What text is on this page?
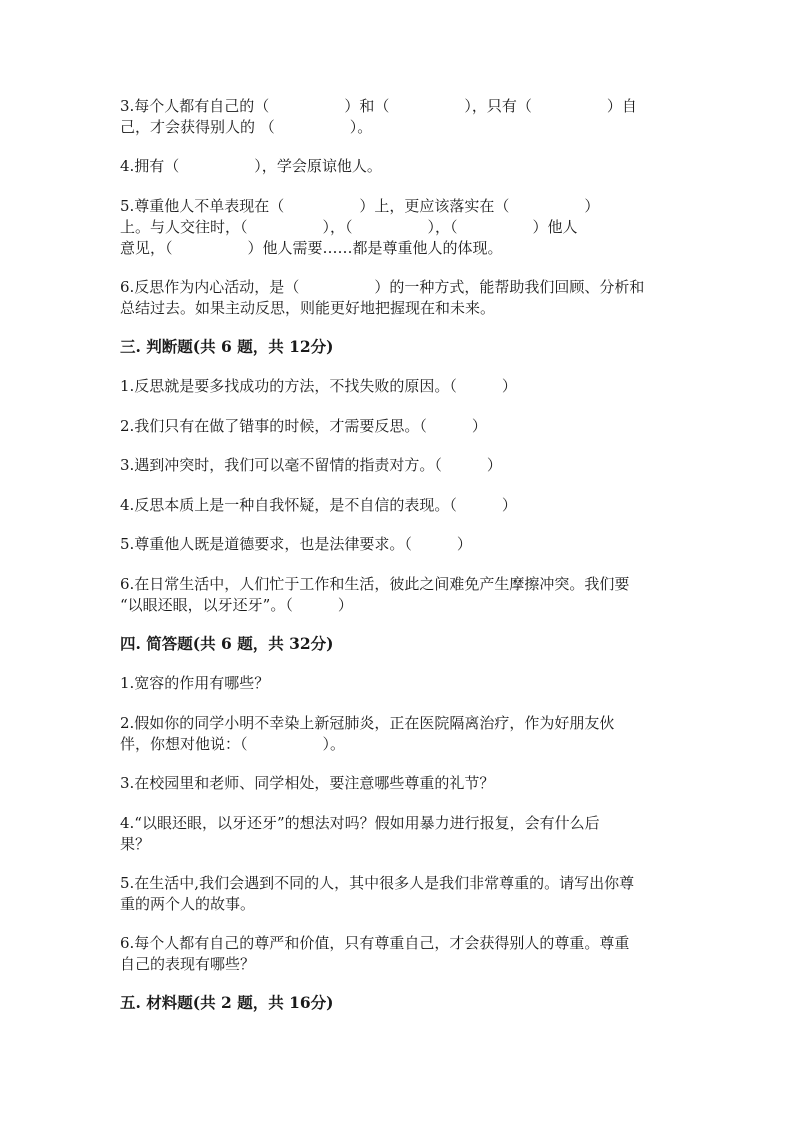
3.每个人都有自己的（　　　　　）和（　　　　　），只有（　　　　　）自
己，才会获得别人的 （　　　　　）。
4.拥有（　　　　　），学会原谅他人。
5.尊重他人不单表现在（　　　　　）上，更应该落实在（　　　　　）
上。与人交往时，（　　　　　），（　　　　　），（　　　　　）他人
意见，（　　　　　）他人需要……都是尊重他人的体现。
6.反思作为内心活动，是（　　　　　）的一种方式，能帮助我们回顾、分析和
总结过去。如果主动反思，则能更好地把握现在和未来。
三. 判断题(共 6 题，共 12分)
1.反思就是要多找成功的方法，不找失败的原因。（　　　）
2.我们只有在做了错事的时候，才需要反思。（　　　）
3.遇到冲突时，我们可以毫不留情的指责对方。（　　　）
4.反思本质上是一种自我怀疑，是不自信的表现。（　　　）
5.尊重他人既是道德要求，也是法律要求。（　　　）
6.在日常生活中，人们忙于工作和生活，彼此之间难免产生摩擦冲突。我们要
“以眼还眼，以牙还牙”。（　　　）
四. 简答题(共 6 题，共 32分)
1.宽容的作用有哪些？
2.假如你的同学小明不幸染上新冠肺炎，正在医院隔离治疗，作为好朋友伙
伴，你想对他说：（　　　　　）。
3.在校园里和老师、同学相处，要注意哪些尊重的礼节？
4.“以眼还眼，以牙还牙”的想法对吗？假如用暴力进行报复，会有什么后
果？
5.在生活中,我们会遇到不同的人，其中很多人是我们非常尊重的。请写出你尊
重的两个人的故事。
6.每个人都有自己的尊严和价值，只有尊重自己，才会获得别人的尊重。尊重
自己的表现有哪些？
五. 材料题(共 2 题，共 16分)
